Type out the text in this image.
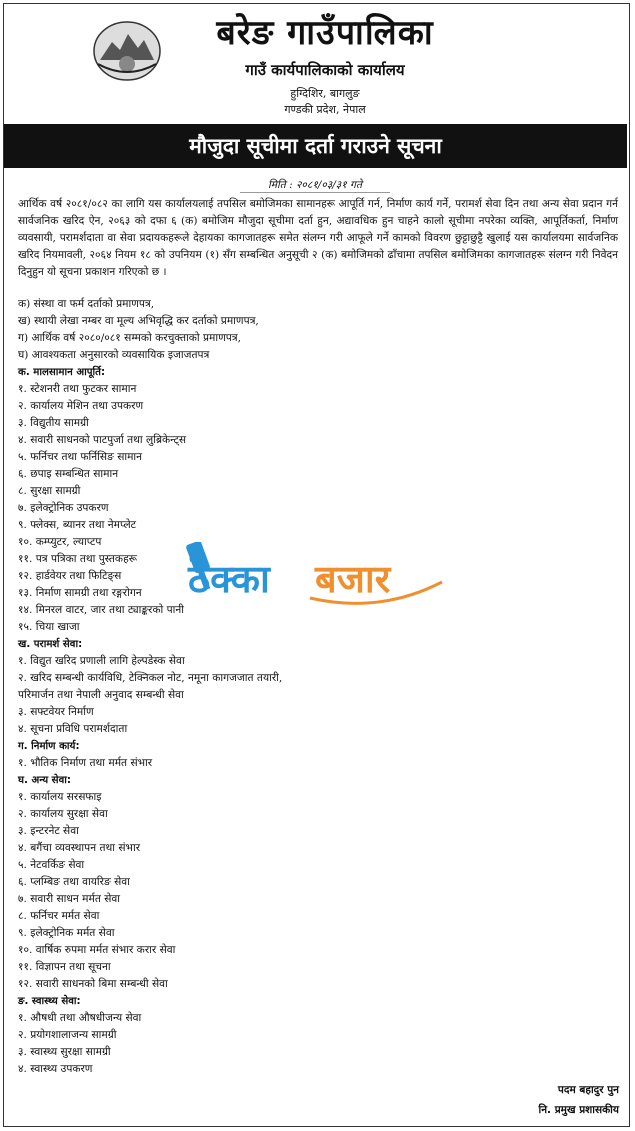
बरेङ गाउँपालिका
गाउँ कार्यपालिकाको कार्यालय
हुग्दिशिर, बागलुङ
गण्डकी प्रदेश, नेपाल
मौजुदा सूचीमा दर्ता गराउने सूचना
मिति : २०८१/०३/३१ गते
आर्थिक वर्ष २०८१/०८२ का लागि यस कार्यालयलाई तपसिल बमोजिमका सामानहरू आपूर्ति गर्न, निर्माण कार्य गर्ने, परामर्श सेवा दिन तथा अन्य सेवा प्रदान गर्न सार्वजनिक खरिद ऐन, २०६३ को दफा ६ (क) बमोजिम मौजुदा सूचीमा दर्ता हुन, अद्यावधिक हुन चाहने कालो सूचीमा नपरेका व्यक्ति, आपूर्तिकर्ता, निर्माण व्यवसायी, परामर्शदाता वा सेवा प्रदायकहरूले देहायका कागजातहरू समेत संलग्न गरी आफूले गर्ने कामको विवरण छुट्टाछुट्टै खुलाई यस कार्यालयमा सार्वजनिक खरिद नियमावली, २०६४ नियम १८ को उपनियम (१) सँग सम्बन्धित अनुसूची २ (क) बमोजिमको ढाँचामा तपसिल बमोजिमका कागजातहरू संलग्न गरी निवेदन दिनुहुन यो सूचना प्रकाशन गरिएको छ ।
क) संस्था वा फर्म दर्ताको प्रमाणपत्र,
ख) स्थायी लेखा नम्बर वा मूल्य अभिवृद्धि कर दर्ताको प्रमाणपत्र,
ग) आर्थिक वर्ष २०८०/०८१ सम्मको करचुक्ताको प्रमाणपत्र,
घ) आवश्यकता अनुसारको व्यवसायिक इजाजतपत्र
क. मालसामान आपूर्ति:
१. स्टेशनरी तथा फुटकर सामान
२. कार्यालय मेशिन तथा उपकरण
३. विद्युतीय सामग्री
४. सवारी साधनको पाटपुर्जा तथा लुब्रिकेन्ट्स
५. फर्निचर तथा फर्निसिङ सामान
६. छपाइ सम्बन्धित सामान
८. सुरक्षा सामग्री
७. इलेक्ट्रोनिक उपकरण
९. फ्लेक्स, ब्यानर तथा नेमप्लेट
१०. कम्प्युटर, ल्याप्टप
११. पत्र पत्रिका तथा पुस्तकहरू
१२. हार्डवेयर तथा फिटिङ्स
१३. निर्माण सामग्री तथा रङ्गरोगन
१४. मिनरल वाटर, जार तथा ट्याङ्करको पानी
१५. चिया खाजा
ख. परामर्श सेवा:
१. विद्युत खरिद प्रणाली लागि हेल्पडेस्क सेवा
२. खरिद सम्बन्धी कार्यविधि, टेक्निकल नोट, नमूना कागजजात तयारी,
परिमार्जन तथा नेपाली अनुवाद सम्बन्धी सेवा
३. सफ्टवेयर निर्माण
४. सूचना प्रविधि परामर्शदाता
ग. निर्माण कार्य:
१. भौतिक निर्माण तथा मर्मत संभार
घ. अन्य सेवा:
१. कार्यालय सरसफाइ
२. कार्यालय सुरक्षा सेवा
३. इन्टरनेट सेवा
४. बगैंचा व्यवस्थापन तथा संभार
५. नेटवर्किङ सेवा
६. प्लम्बिङ तथा वायरिङ सेवा
७. सवारी साधन मर्मत सेवा
८. फर्निचर मर्मत सेवा
९. इलेक्ट्रोनिक मर्मत सेवा
१०. वार्षिक रुपमा मर्मत संभार करार सेवा
११. विज्ञापन तथा सूचना
१२. सवारी साधनको बिमा सम्बन्धी सेवा
ङ. स्वास्थ्य सेवा:
१. औषधी तथा औषधीजन्य सेवा
२. प्रयोगशालाजन्य सामग्री
३. स्वास्थ्य सुरक्षा सामग्री
४. स्वास्थ्य उपकरण
ठेक्का बजार
पदम बहादुर पुन
नि. प्रमुख प्रशासकीय
